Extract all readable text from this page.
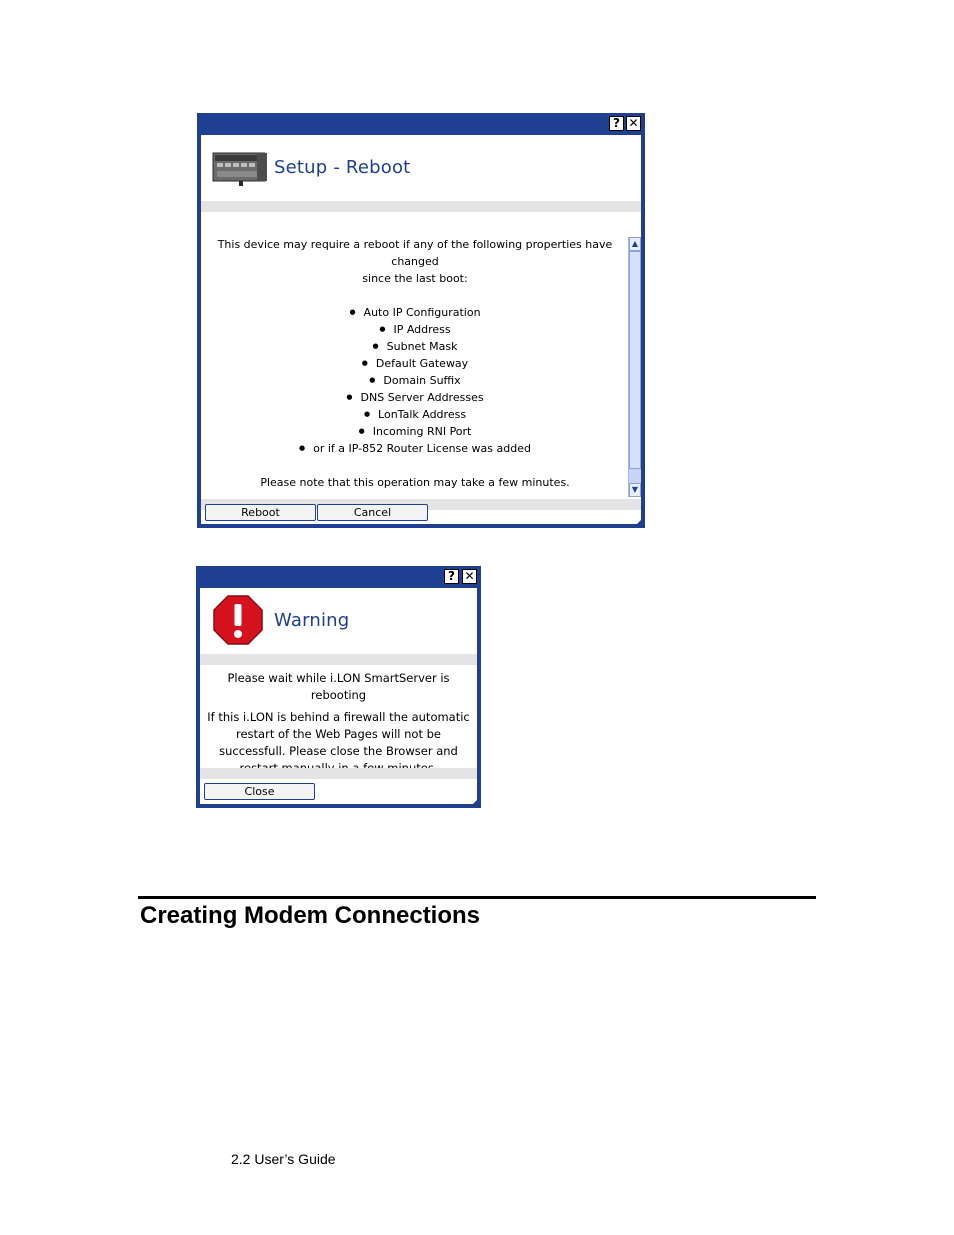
? ✕
Setup - Reboot

This device may require a reboot if any of the following properties have changed

since the last boot:

● Auto IP Configuration
● IP Address
● Subnet Mask
● Default Gateway
● Domain Suffix
● DNS Server Addresses
● LonTalk Address
● Incoming RNI Port
● or if a IP-852 Router License was added

Please note that this operation may take a few minutes.

▲
▼
Reboot	Cancel
? ✕
Warning

Please wait while i.LON SmartServer is rebooting

If this i.LON is behind a firewall the automatic restart of the Web Pages will not be successfull. Please close the Browser and

Close
Creating Modem Connections
2.2 User’s Guide
